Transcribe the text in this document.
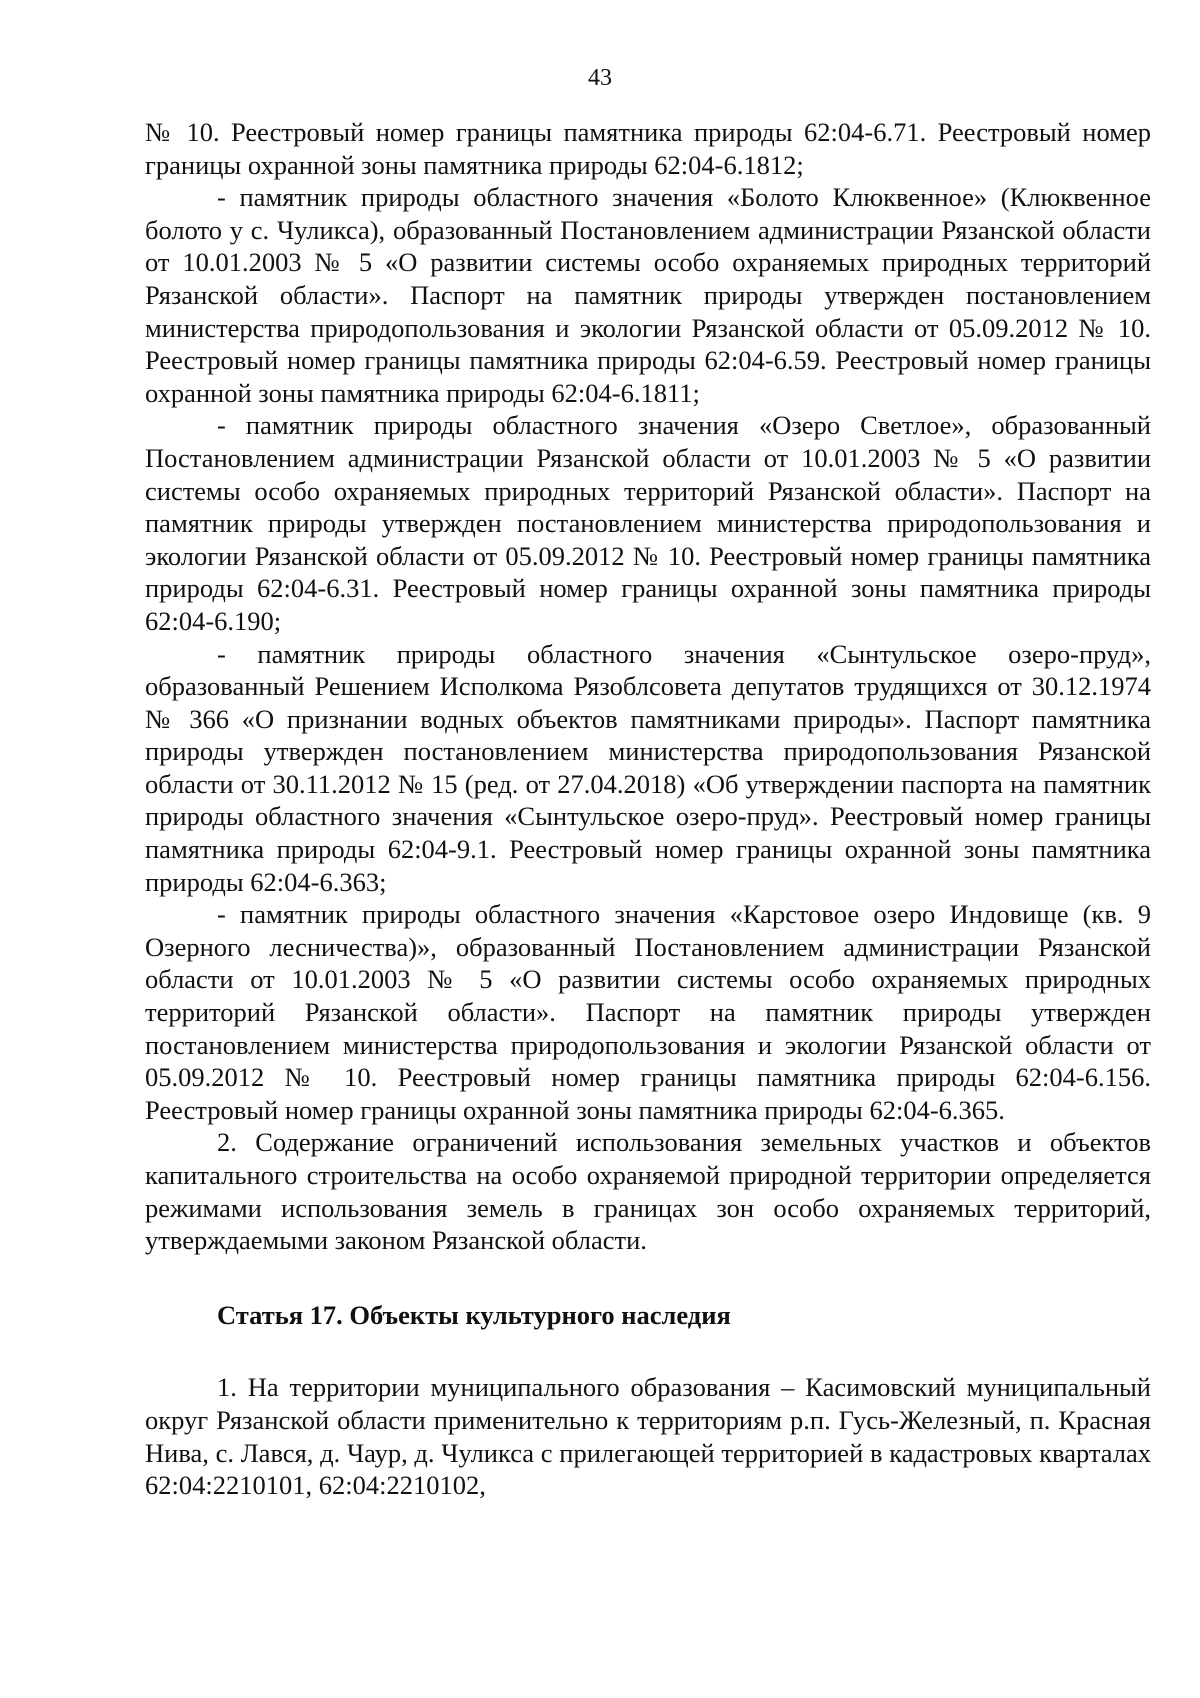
43

№ 10. Реестровый номер границы памятника природы 62:04-6.71. Реестровый номер границы охранной зоны памятника природы 62:04-6.1812;

- памятник природы областного значения «Болото Клюквенное» (Клюквенное болото у с. Чуликса), образованный Постановлением администрации Рязанской области от 10.01.2003 № 5 «О развитии системы особо охраняемых природных территорий Рязанской области». Паспорт на памятник природы утвержден постановлением министерства природопользования и экологии Рязанской области от 05.09.2012 № 10. Реестровый номер границы памятника природы 62:04-6.59. Реестровый номер границы охранной зоны памятника природы 62:04-6.1811;

- памятник природы областного значения «Озеро Светлое», образованный Постановлением администрации Рязанской области от 10.01.2003 № 5 «О развитии системы особо охраняемых природных территорий Рязанской области». Паспорт на памятник природы утвержден постановлением министерства природопользования и экологии Рязанской области от 05.09.2012 № 10. Реестровый номер границы памятника природы 62:04-6.31. Реестровый номер границы охранной зоны памятника природы 62:04-6.190;

- памятник природы областного значения «Сынтульское озеро-пруд», образованный Решением Исполкома Рязоблсовета депутатов трудящихся от 30.12.1974 № 366 «О признании водных объектов памятниками природы». Паспорт памятника природы утвержден постановлением министерства природопользования Рязанской области от 30.11.2012 № 15 (ред. от 27.04.2018) «Об утверждении паспорта на памятник природы областного значения «Сынтульское озеро-пруд». Реестровый номер границы памятника природы 62:04-9.1. Реестровый номер границы охранной зоны памятника природы 62:04-6.363;

- памятник природы областного значения «Карстовое озеро Индовище (кв. 9 Озерного лесничества)», образованный Постановлением администрации Рязанской области от 10.01.2003 № 5 «О развитии системы особо охраняемых природных территорий Рязанской области». Паспорт на памятник природы утвержден постановлением министерства природопользования и экологии Рязанской области от 05.09.2012 № 10. Реестровый номер границы памятника природы 62:04-6.156. Реестровый номер границы охранной зоны памятника природы 62:04-6.365.

2. Содержание ограничений использования земельных участков и объектов капитального строительства на особо охраняемой природной территории определяется режимами использования земель в границах зон особо охраняемых территорий, утверждаемыми законом Рязанской области.

Статья 17. Объекты культурного наследия

1. На территории муниципального образования – Касимовский муниципальный округ Рязанской области применительно к территориям р.п. Гусь-Железный, п. Красная Нива, с. Лався, д. Чаур, д. Чуликса с прилегающей территорией в кадастровых кварталах 62:04:2210101, 62:04:2210102,
